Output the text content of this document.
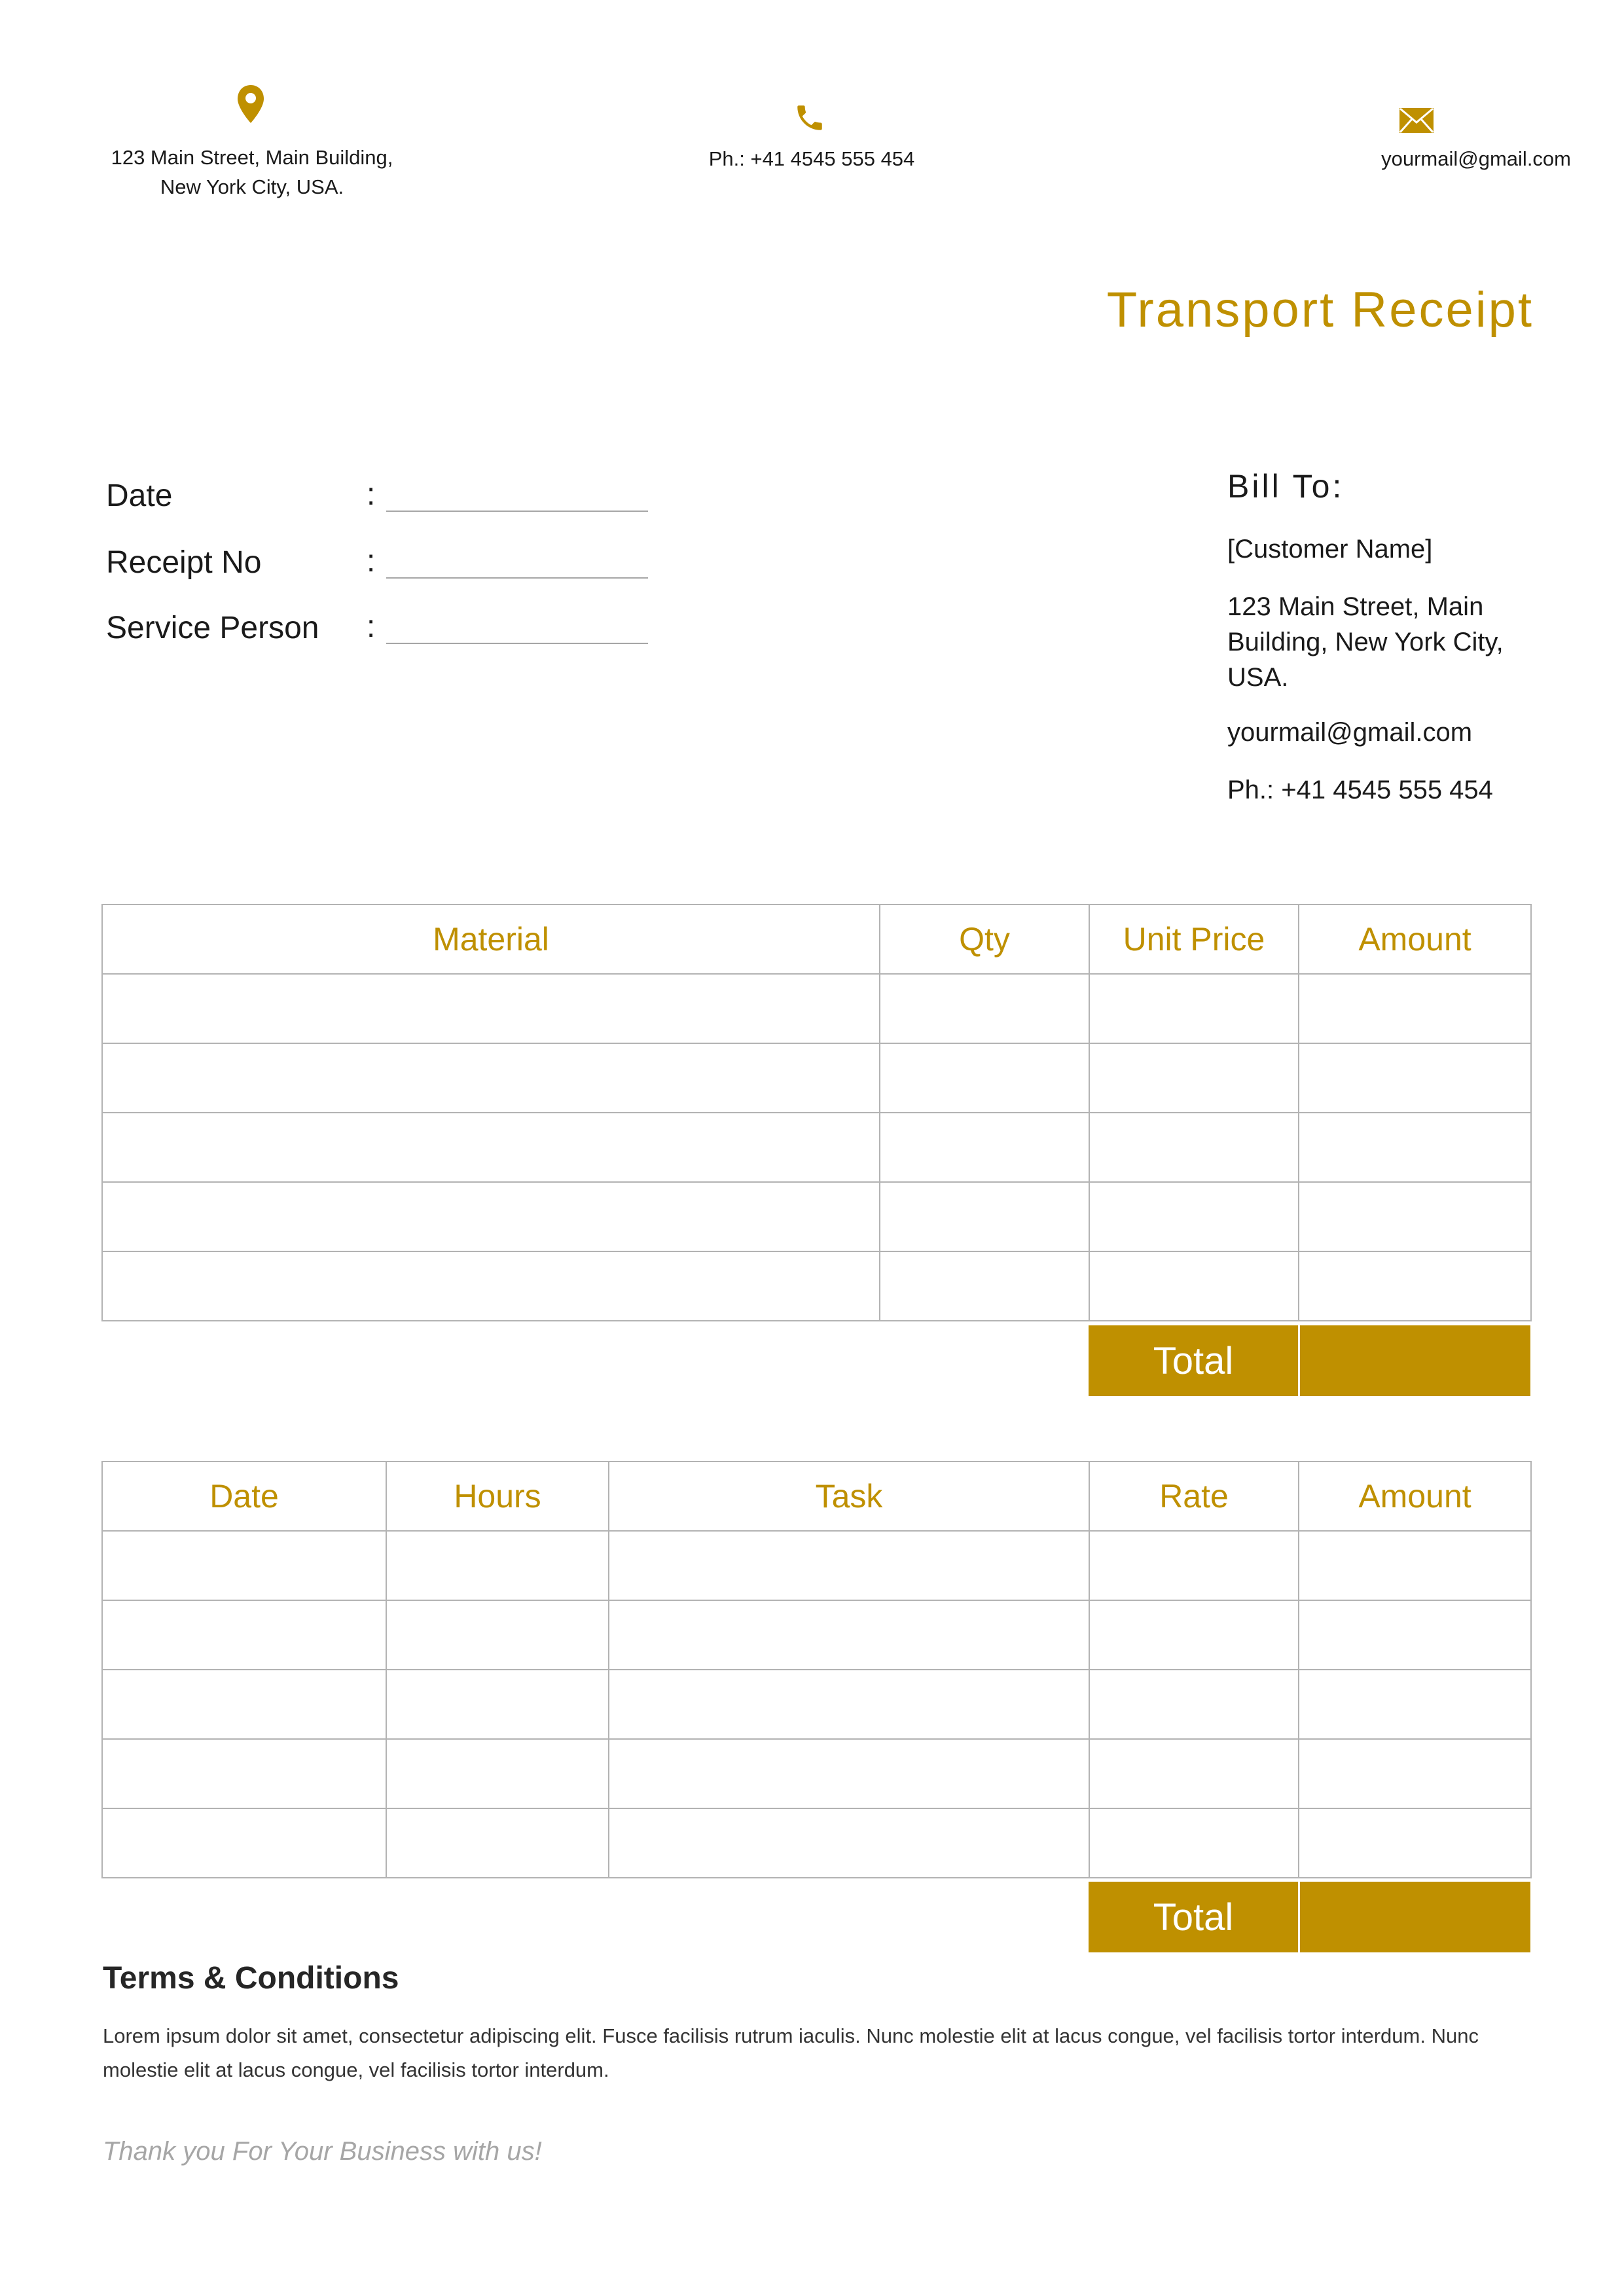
123 Main Street, Main Building,
New York City, USA.
Ph.: +41 4545 555 454	yourmail@gmail.com
Transport Receipt
Date	:
Receipt No	:
Service Person :
Bill To:
[Customer Name]
123 Main Street, Main Building, New York City, USA.
yourmail@gmail.com
Ph.: +41 4545 555 454
Material	Qty	Unit Price	Amount

Total
Date	Hours	Task	Rate	Amount

Total
Terms & Conditions
Lorem ipsum dolor sit amet, consectetur adipiscing elit. Fusce facilisis rutrum iaculis. Nunc molestie elit at lacus congue, vel facilisis tortor interdum. Nunc molestie elit at lacus congue, vel facilisis tortor interdum.
Thank you For Your Business with us!
